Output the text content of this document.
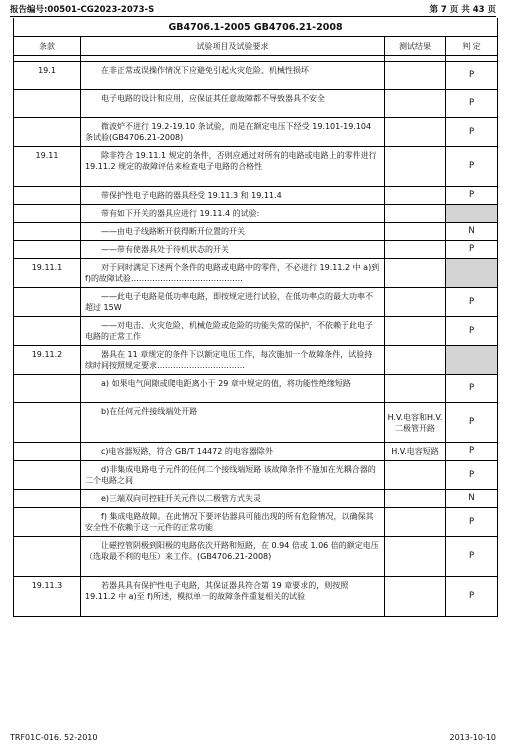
报告编号:00501-CG2023-2073-S	第 7 页 共 43 页
GB4706.1-2005 GB4706.21-2008			
条款	试验项目及试验要求	测试结果	判 定

19.1	在非正常或误操作情况下应避免引起火灾危险、机械性损坏		P
	电子电路的设计和应用，应保证其任意故障都不导致器具不安全		P
	微波炉不进行 19.2-19.10 条试验，而是在额定电压下经受 19.101-19.104 条试验(GB4706.21-2008)		P
19.11	除非符合 19.11.1 规定的条件，否则应通过对所有的电路或电路上的零件进行 19.11.2 规定的故障评估来检查电子电路的合格性		P
	带保护性电子电路的器具经受 19.11.3 和 19.11.4		P
	带有如下开关的器具应进行 19.11.4 的试验:		
	——由电子线路断开获得断开位置的开关		N
	——带有使器具处于待机状态的开关		P
19.11.1	对于同时满足下述两个条件的电路或电路中的零件，不必进行 19.11.2 中 a)到 f)的故障试验……………………………………		
	——此电子电路是低功率电路，即按规定进行试验，在低功率点的最大功率不超过 15W		P
	——对电击、火灾危险、机械危险或危险的功能失常的保护，不依赖于此电子电路的正常工作		P
19.11.2	器具在 11 章规定的条件下以额定电压工作，每次施加一个故障条件，试验持续时间按照规定要求……………………………		
	a) 如果电气间隙或爬电距离小于 29 章中规定的值，将功能性绝缘短路		P
	b)在任何元件接线端处开路	H.V.电容和H.V.二极管开路	P
	c)电容器短路，符合 GB/T 14472 的电容器除外	H.V.电容短路	P
	d)非集成电路电子元件的任何二个接线端短路 该故障条件不施加在光耦合器的二个电路之间		P
	e)三端双向可控硅开关元件以二极管方式失灵		N
	f) 集成电路故障。在此情况下要评估器具可能出现的所有危险情况，以确保其安全性不依赖于这一元件的正常功能		P
	让磁控管阴极到阳极的电路依次开路和短路，在 0.94 倍或 1.06 倍的额定电压（选取最不利的电压）来工作。(GB4706.21-2008)		P
19.11.3	若器具具有保护性电子电路，其保证器具符合第 19 章要求的，则按照 19.11.2 中 a)至 f)所述，模拟单一的故障条件重复相关的试验		P
TRF01C-016. 52-2010	2013-10-10
